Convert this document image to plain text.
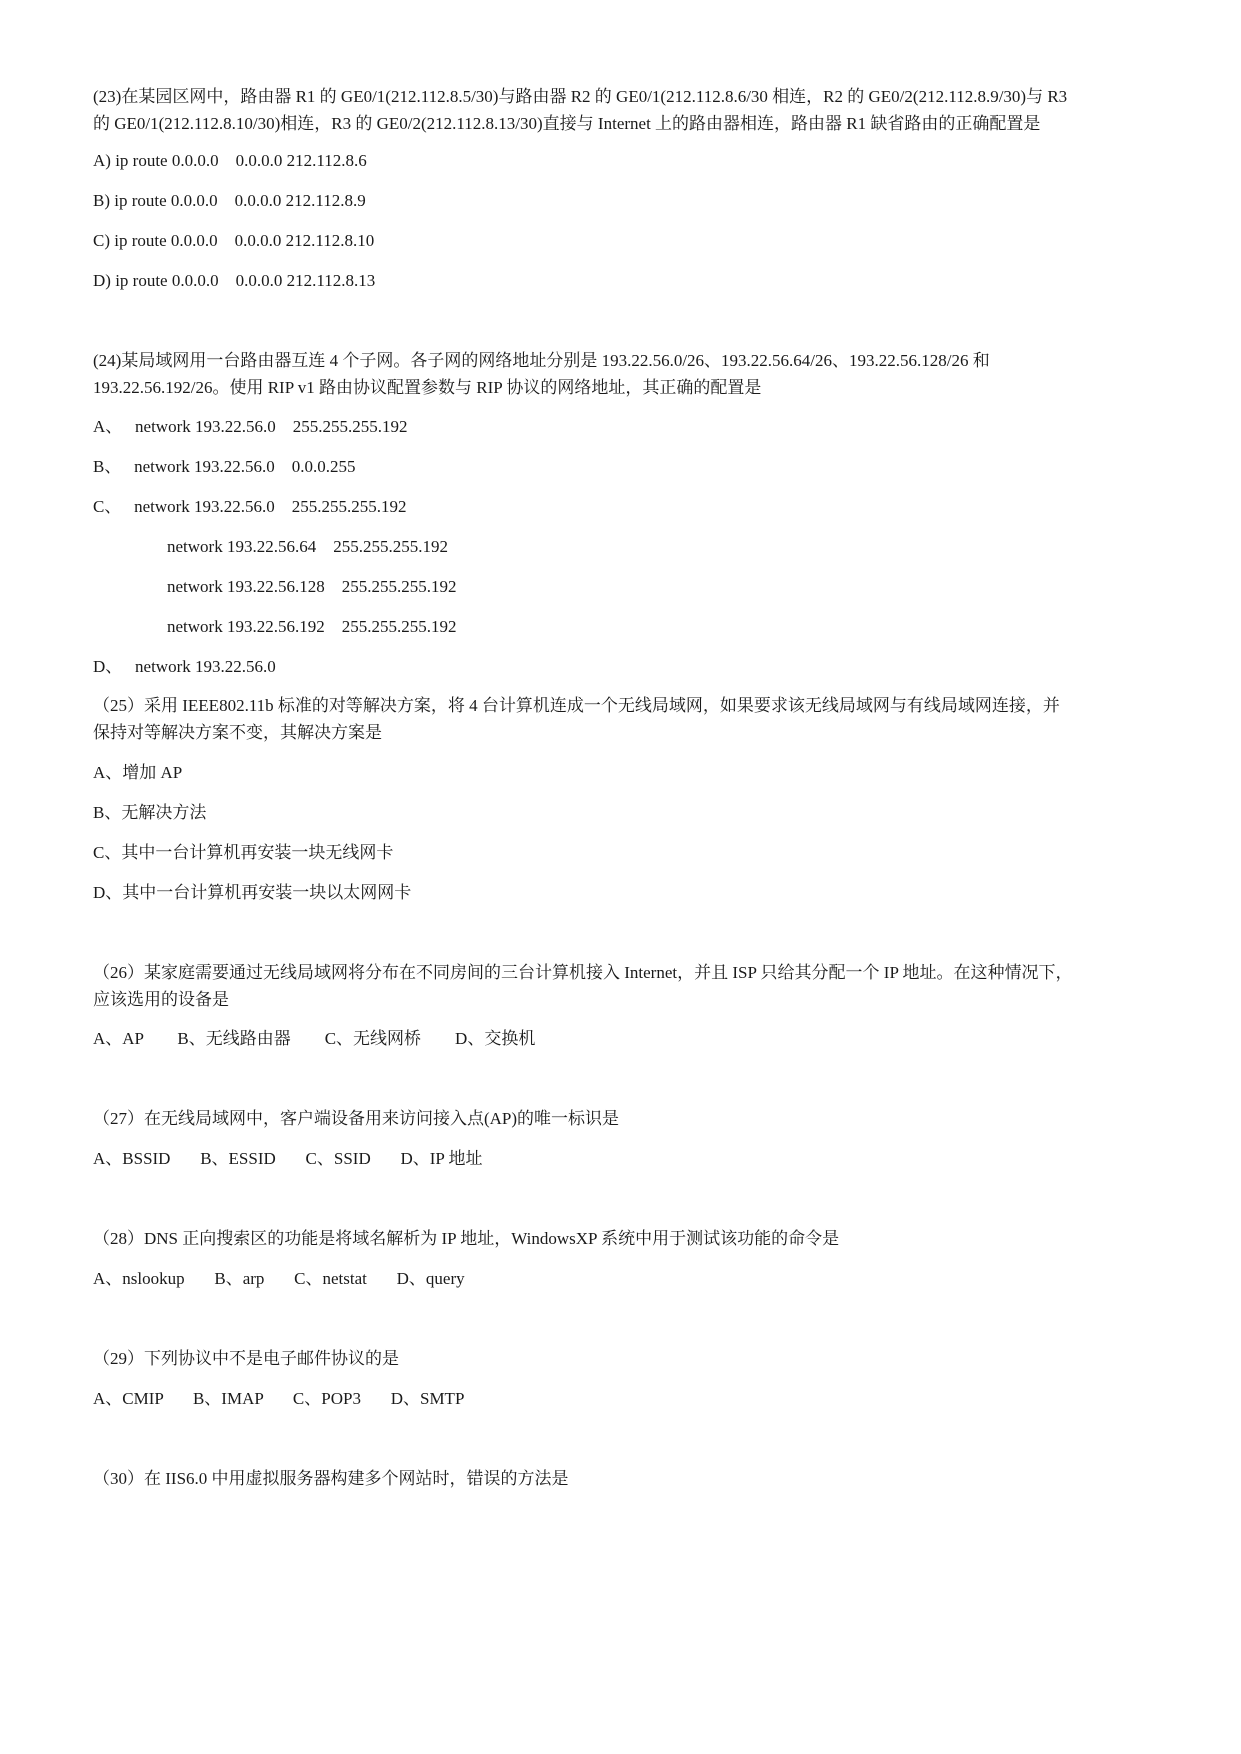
(23)在某园区网中，路由器 R1 的 GE0/1(212.112.8.5/30)与路由器 R2 的 GE0/1(212.112.8.6/30 相连，R2 的 GE0/2(212.112.8.9/30)与 R3
的 GE0/1(212.112.8.10/30)相连，R3 的 GE0/2(212.112.8.13/30)直接与 Internet 上的路由器相连，路由器 R1 缺省路由的正确配置是
A) ip route 0.0.0.0    0.0.0.0 212.112.8.6
B) ip route 0.0.0.0    0.0.0.0 212.112.8.9
C) ip route 0.0.0.0    0.0.0.0 212.112.8.10
D) ip route 0.0.0.0    0.0.0.0 212.112.8.13
(24)某局域网用一台路由器互连 4 个子网。各子网的网络地址分别是 193.22.56.0/26、193.22.56.64/26、193.22.56.128/26 和
193.22.56.192/26。使用 RIP v1 路由协议配置参数与 RIP 协议的网络地址，其正确的配置是
A、   network 193.22.56.0    255.255.255.192
B、   network 193.22.56.0    0.0.0.255
C、   network 193.22.56.0    255.255.255.192
network 193.22.56.64    255.255.255.192
network 193.22.56.128    255.255.255.192
network 193.22.56.192    255.255.255.192
D、   network 193.22.56.0
（25）采用 IEEE802.11b 标准的对等解决方案，将 4 台计算机连成一个无线局域网，如果要求该无线局域网与有线局域网连接，并
保持对等解决方案不变，其解决方案是
A、增加 AP
B、无解决方法
C、其中一台计算机再安装一块无线网卡
D、其中一台计算机再安装一块以太网网卡
（26）某家庭需要通过无线局域网将分布在不同房间的三台计算机接入 Internet，并且 ISP 只给其分配一个 IP 地址。在这种情况下，
应该选用的设备是
A、AP        B、无线路由器        C、无线网桥        D、交换机
（27）在无线局域网中，客户端设备用来访问接入点(AP)的唯一标识是
A、BSSID       B、ESSID       C、SSID       D、IP 地址
（28）DNS 正向搜索区的功能是将域名解析为 IP 地址，WindowsXP 系统中用于测试该功能的命令是
A、nslookup       B、arp       C、netstat       D、query
（29）下列协议中不是电子邮件协议的是
A、CMIP       B、IMAP       C、POP3       D、SMTP
（30）在 IIS6.0 中用虚拟服务器构建多个网站时，错误的方法是
